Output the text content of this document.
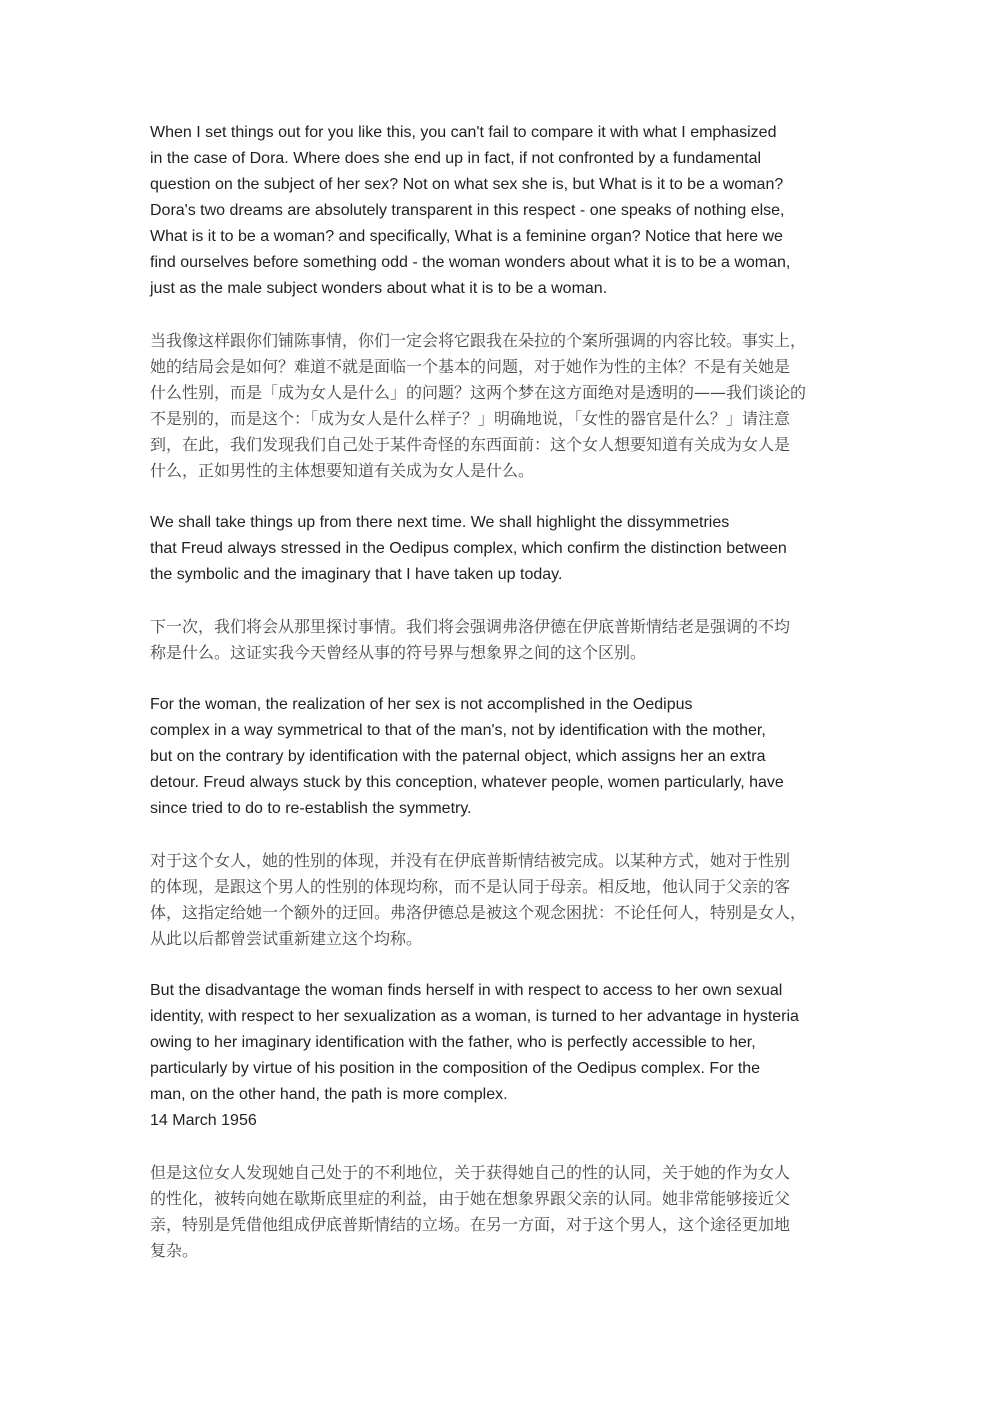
When I set things out for you like this, you can't fail to compare it with what I emphasized
in the case of Dora. Where does she end up in fact, if not confronted by a fundamental
question on the subject of her sex? Not on what sex she is, but What is it to be a woman?
Dora's two dreams are absolutely transparent in this respect - one speaks of nothing else,
What is it to be a woman? and specifically, What is a feminine organ? Notice that here we
find ourselves before something odd - the woman wonders about what it is to be a woman,
just as the male subject wonders about what it is to be a woman.

当我像这样跟你们铺陈事情，你们一定会将它跟我在朵拉的个案所强调的内容比较。事实上，
她的结局会是如何？难道不就是面临一个基本的问题，对于她作为性的主体？不是有关她是
什么性别，而是「成为女人是什么」的问题？这两个梦在这方面绝对是透明的——我们谈论的
不是别的，而是这个：「成为女人是什么样子？」明确地说，「女性的器官是什么？」请注意
到，在此，我们发现我们自己处于某件奇怪的东西面前：这个女人想要知道有关成为女人是
什么，正如男性的主体想要知道有关成为女人是什么。

We shall take things up from there next time. We shall highlight the dissymmetries
that Freud always stressed in the Oedipus complex, which confirm the distinction between
the symbolic and the imaginary that I have taken up today.

下一次，我们将会从那里探讨事情。我们将会强调弗洛伊德在伊底普斯情结老是强调的不均
称是什么。这证实我今天曾经从事的符号界与想象界之间的这个区别。

For the woman, the realization of her sex is not accomplished in the Oedipus
complex in a way symmetrical to that of the man's, not by identification with the mother,
but on the contrary by identification with the paternal object, which assigns her an extra
detour. Freud always stuck by this conception, whatever people, women particularly, have
since tried to do to re-establish the symmetry.

对于这个女人，她的性别的体现，并没有在伊底普斯情结被完成。以某种方式，她对于性别
的体现，是跟这个男人的性别的体现均称，而不是认同于母亲。相反地，他认同于父亲的客
体，这指定给她一个额外的迂回。弗洛伊德总是被这个观念困扰：不论任何人，特别是女人，
从此以后都曾尝试重新建立这个均称。

But the disadvantage the woman finds herself in with respect to access to her own sexual
identity, with respect to her sexualization as a woman, is turned to her advantage in hysteria
owing to her imaginary identification with the father, who is perfectly accessible to her,
particularly by virtue of his position in the composition of the Oedipus complex. For the
man, on the other hand, the path is more complex.

14 March 1956

但是这位女人发现她自己处于的不利地位，关于获得她自己的性的认同，关于她的作为女人
的性化，被转向她在歇斯底里症的利益，由于她在想象界跟父亲的认同。她非常能够接近父
亲，特别是凭借他组成伊底普斯情结的立场。在另一方面，对于这个男人，这个途径更加地
复杂。
